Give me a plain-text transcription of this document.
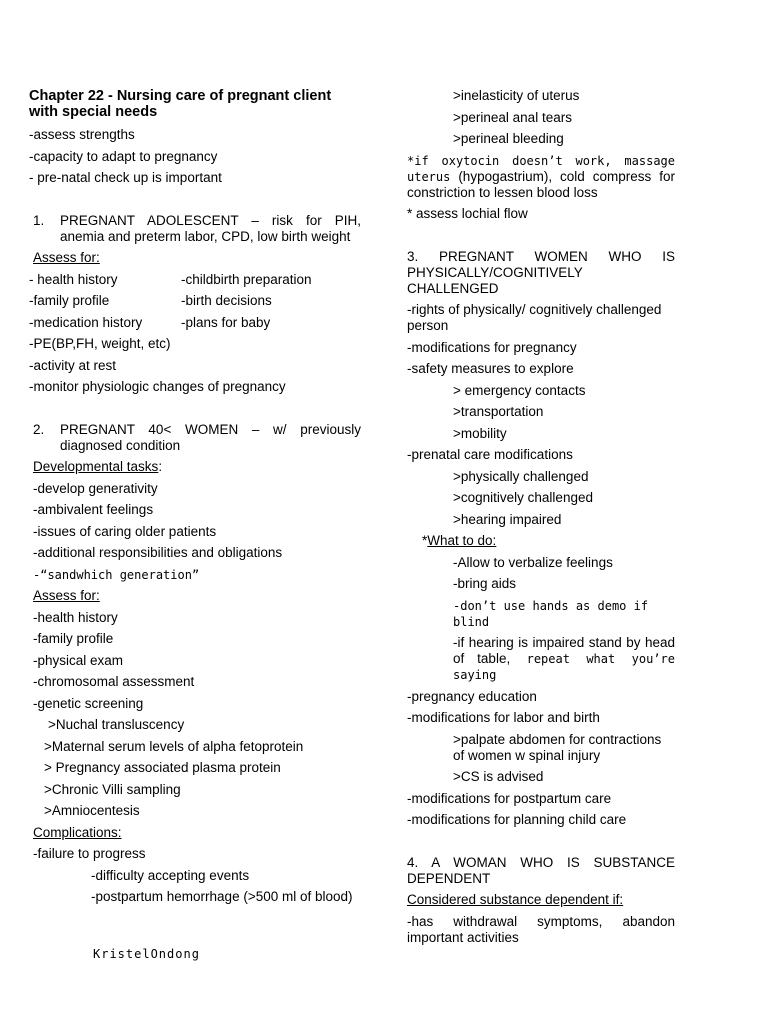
Chapter 22 - Nursing care of pregnant client with special needs
-assess strengths
-capacity to adapt to pregnancy
- pre-natal check up is important
1.	PREGNANT ADOLESCENT – risk for PIH, anemia and preterm labor, CPD, low birth weight
Assess for:
- health history	-childbirth preparation
-family profile	-birth decisions
-medication history	-plans for baby
-PE(BP,FH, weight, etc)
-activity at rest
-monitor physiologic changes of pregnancy
2.	PREGNANT 40< WOMEN – w/ previously diagnosed condition
Developmental tasks:
-develop generativity
-ambivalent feelings
-issues of caring older patients
-additional responsibilities and obligations
-“sandwhich generation”
Assess for:
-health history
-family profile
-physical exam
-chromosomal assessment
-genetic screening
>Nuchal transluscency
>Maternal serum levels of alpha fetoprotein
> Pregnancy associated plasma protein
>Chronic Villi sampling
>Amniocentesis
Complications:
-failure to progress
-difficulty accepting events
-postpartum hemorrhage (>500 ml of blood)
>inelasticity of uterus
>perineal anal tears
>perineal bleeding
*if oxytocin doesn’t work, massage uterus (hypogastrium), cold compress for constriction to lessen blood loss
* assess lochial flow
3. PREGNANT WOMEN WHO IS PHYSICALLY/COGNITIVELY CHALLENGED
-rights of physically/ cognitively challenged person
-modifications for pregnancy
-safety measures to explore
> emergency contacts
>transportation
>mobility
-prenatal care modifications
>physically challenged
>cognitively challenged
>hearing impaired
*What to do:
-Allow to verbalize feelings
-bring aids
-don’t use hands as demo if blind
-if hearing is impaired stand by head of table, repeat what you’re saying
-pregnancy education
-modifications for labor and birth
>palpate abdomen for contractions of women w spinal injury
>CS is advised
-modifications for postpartum care
-modifications for planning child care
4. A WOMAN WHO IS SUBSTANCE DEPENDENT
Considered substance dependent if:
-has withdrawal symptoms, abandon important activities
KristelOndong
